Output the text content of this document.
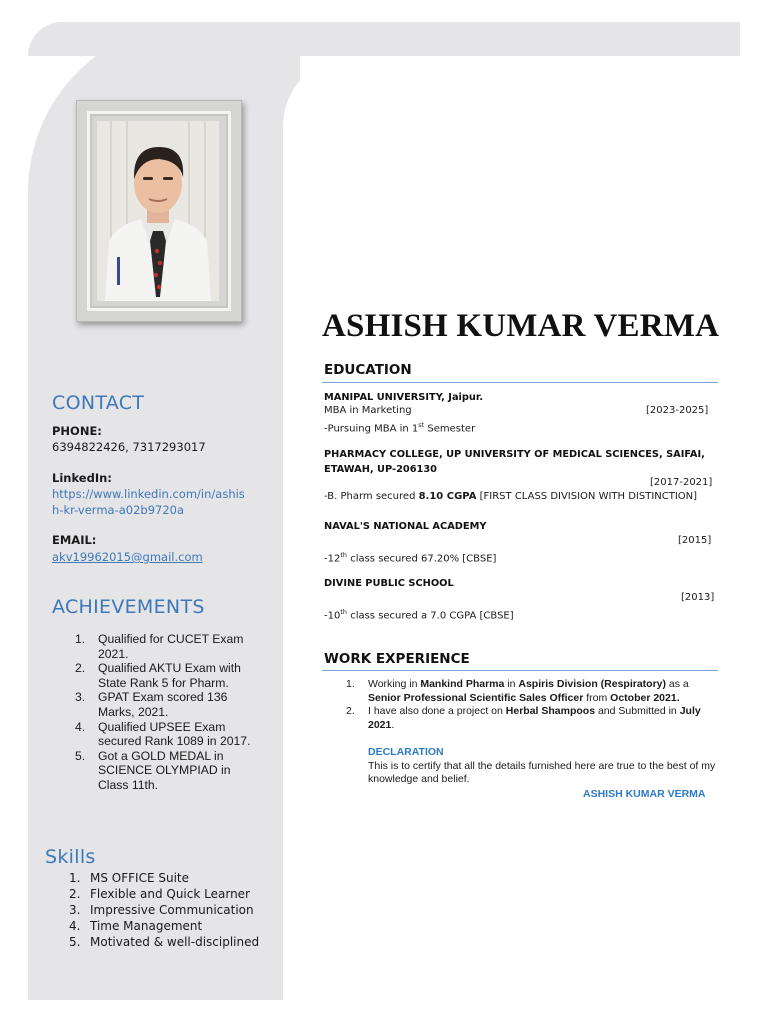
CONTACT
PHONE:
6394822426, 7317293017
LinkedIn:
https://www.linkedin.com/in/ashis
h-kr-verma-a02b9720a
EMAIL:
akv19962015@gmail.com
ACHIEVEMENTS
1. Qualified for CUCET Exam
2021.
2. Qualified AKTU Exam with
State Rank 5 for Pharm.
3. GPAT Exam scored 136
Marks, 2021.
4. Qualified UPSEE Exam
secured Rank 1089 in 2017.
5. Got a GOLD MEDAL in
SCIENCE OLYMPIAD in
Class 11th.
Skills
1. MS OFFICE Suite
2. Flexible and Quick Learner
3. Impressive Communication
4. Time Management
5. Motivated & well-disciplined
ASHISH KUMAR VERMA
EDUCATION
MANIPAL UNIVERSITY, Jaipur.
MBA in Marketing	[2023-2025]
-Pursuing MBA in 1st Semester
PHARMACY COLLEGE, UP UNIVERSITY OF MEDICAL SCIENCES, SAIFAI,
ETAWAH, UP-206130
[2017-2021]
-B. Pharm secured 8.10 CGPA [FIRST CLASS DIVISION WITH DISTINCTION]
NAVAL'S NATIONAL ACADEMY
[2015]
-12th class secured 67.20% [CBSE]
DIVINE PUBLIC SCHOOL
[2013]
-10th class secured a 7.0 CGPA [CBSE]
WORK EXPERIENCE
1. Working in Mankind Pharma in Aspiris Division (Respiratory) as a Senior Professional Scientific Sales Officer from October 2021.
2. I have also done a project on Herbal Shampoos and Submitted in July 2021.
DECLARATION
This is to certify that all the details furnished here are true to the best of my knowledge and belief.
ASHISH KUMAR VERMA
